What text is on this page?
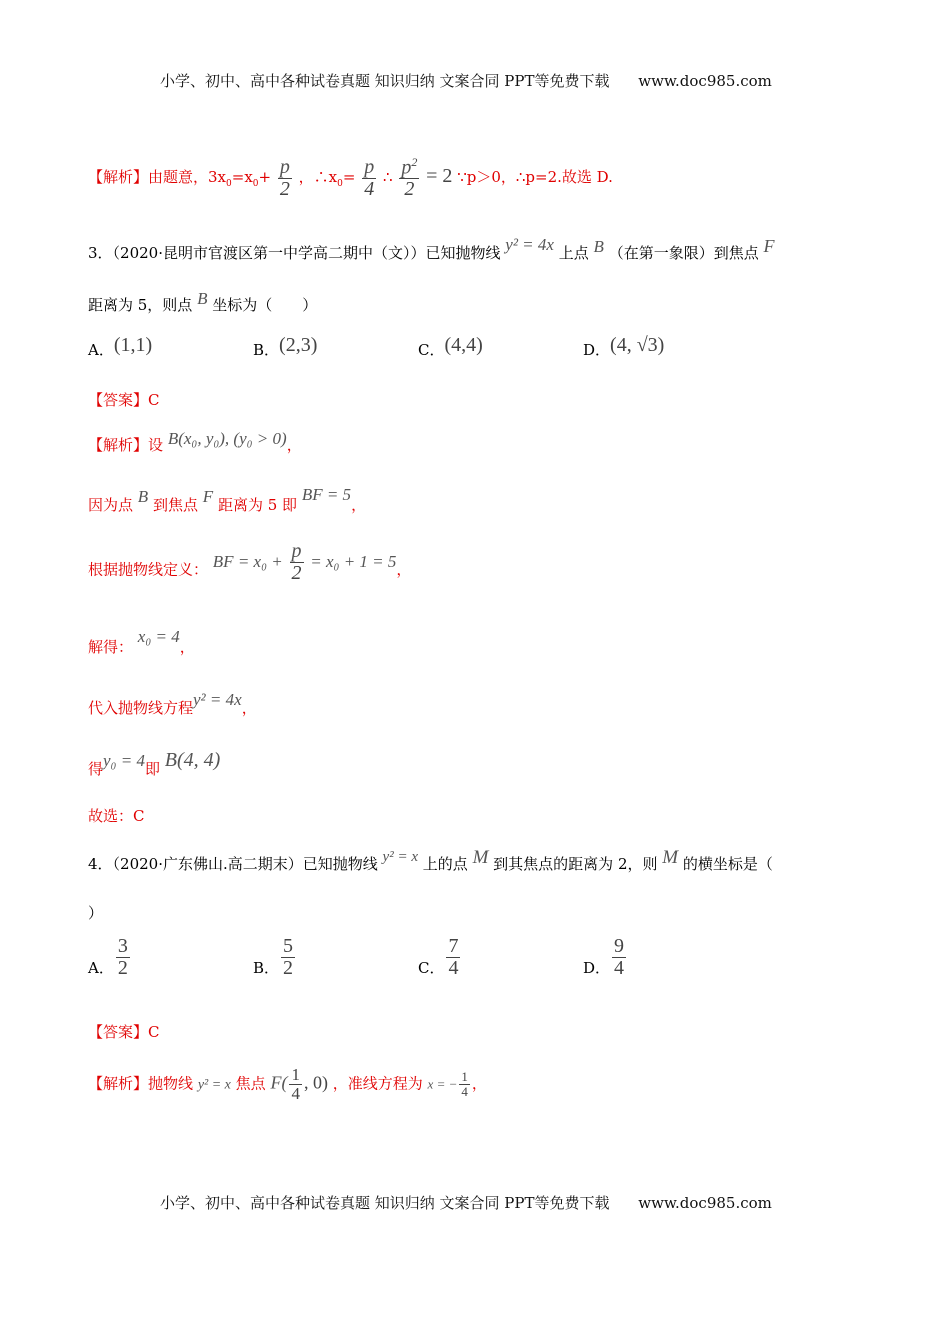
小学、初中、高中各种试卷真题 知识归纳 文案合同 PPT等免费下载 www.doc985.com
【解析】由题意，$3x_0=x_0+ \frac{p}{2}$ ，$\therefore x_0= \frac{p}{4}$ ∴ $\frac{p^2}{2} = 2$ ∵p＞0，∴p=2.故选 D.
3．（2020·昆明市官渡区第一中学高二期中（文））已知抛物线 y² = 4x 上点 B （在第一象限）到焦点 F
距离为 5，则点 B 坐标为（　　）
A．(1,1)	B．(2,3)	C．(4,4)	D．(4, √3)
【答案】C
【解析】设 B(x₀, y₀), (y₀ > 0)，
因为点 B 到焦点 F 距离为 5 即 BF = 5，
根据抛物线定义： BF = $x_0 + \frac{p}{2} = x_0 + 1 = 5$，
解得： x₀ = 4，
代入抛物线方程y² = 4x，
得y₀ = 4即 B(4, 4)
故选：C
4．（2020·广东佛山.高二期末）已知抛物线 y² = x 上的点 M 到其焦点的距离为 2，则 M 的横坐标是（
）
A． $\frac{3}{2}$	B． $\frac{5}{2}$	C． $\frac{7}{4}$	D． $\frac{9}{4}$
【答案】C
【解析】抛物线 y² = x 焦点 $F( \frac{1}{4}$ , 0) ，准线方程为 x = − $\frac{1}{4}$ ，
小学、初中、高中各种试卷真题 知识归纳 文案合同 PPT等免费下载 www.doc985.com
